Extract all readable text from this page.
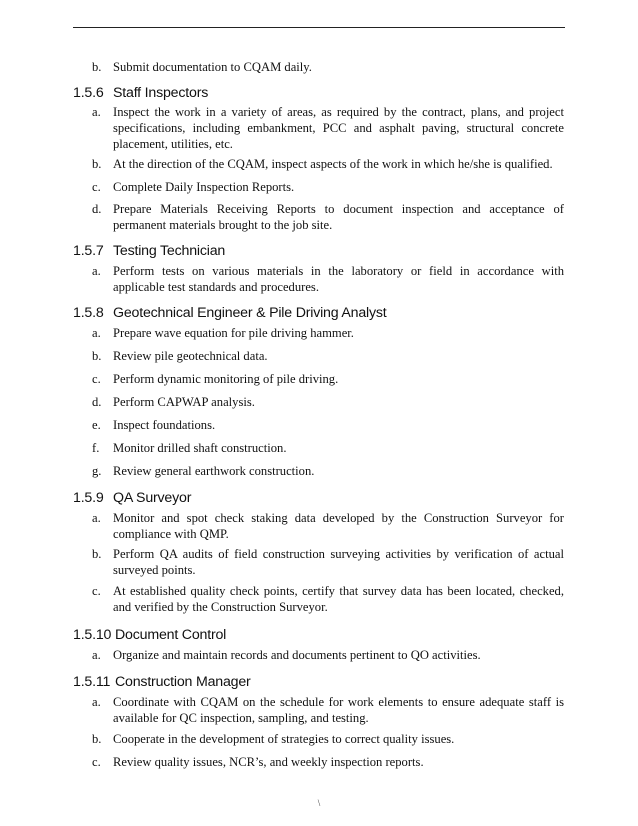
b. Submit documentation to CQAM daily.
1.5.6 Staff Inspectors
a. Inspect the work in a variety of areas, as required by the contract, plans, and project specifications, including embankment, PCC and asphalt paving, structural concrete placement, utilities, etc.
b. At the direction of the CQAM, inspect aspects of the work in which he/she is qualified.
c. Complete Daily Inspection Reports.
d. Prepare Materials Receiving Reports to document inspection and acceptance of permanent materials brought to the job site.
1.5.7 Testing Technician
a. Perform tests on various materials in the laboratory or field in accordance with applicable test standards and procedures.
1.5.8 Geotechnical Engineer & Pile Driving Analyst
a. Prepare wave equation for pile driving hammer.
b. Review pile geotechnical data.
c. Perform dynamic monitoring of pile driving.
d. Perform CAPWAP analysis.
e. Inspect foundations.
f.	Monitor drilled shaft construction.
g. Review general earthwork construction.
1.5.9 QA Surveyor
a. Monitor and spot check staking data developed by the Construction Surveyor for compliance with QMP.
b. Perform QA audits of field construction surveying activities by verification of actual surveyed points.
c. At established quality check points, certify that survey data has been located, checked, and verified by the Construction Surveyor.
1.5.10 Document Control
a. Organize and maintain records and documents pertinent to QO activities.
1.5.11 Construction Manager
a. Coordinate with CQAM on the schedule for work elements to ensure adequate staff is available for QC inspection, sampling, and testing.
b. Cooperate in the development of strategies to correct quality issues.
c. Review quality issues, NCR’s, and weekly inspection reports.
\
